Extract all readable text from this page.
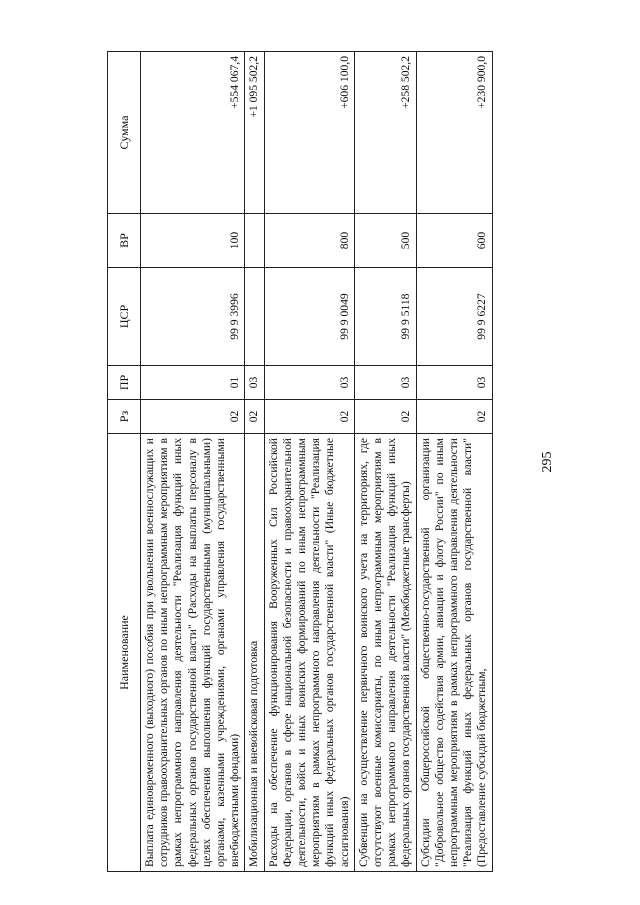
Наименование	Рз	ПР	ЦСР	ВР	Сумма
Выплата единовременного (выходного) пособия при увольнении военнослужащих и сотрудников правоохранительных органов по иным непрограммным мероприятиям в рамках непрограммного направления деятельности "Реализация функций иных федеральных органов государственной власти" (Расходы на выплаты персоналу в целях обеспечения выполнения функций государственными (муниципальными) органами, казенными учреждениями, органами управления государственными внебюджетными фондами)	02	01	99 9 3996	100	+554 067,4
Мобилизационная и вневойсковая подготовка	02	03			+1 095 502,2
Расходы на обеспечение функционирования Вооруженных Сил Российской Федерации, органов в сфере национальной безопасности и правоохранительной деятельности, войск и иных воинских формирований по иным непрограммным мероприятиям в рамках непрограммного направления деятельности "Реализация функций иных федеральных органов государственной власти" (Иные бюджетные ассигнования)	02	03	99 9 0049	800	+606 100,0
Субвенции на осуществление первичного воинского учета на территориях, где отсутствуют военные комиссариаты, по иным непрограммным мероприятиям в рамках непрограммного направления деятельности "Реализация функций иных федеральных органов государственной власти" (Межбюджетные трансферты)	02	03	99 9 5118	500	+258 502,2
Субсидии Общероссийской общественно-государственной организации "Добровольное общество содействия армии, авиации и флоту России" по иным непрограммным мероприятиям в рамках непрограммного направления деятельности "Реализация функций иных федеральных органов государственной власти" (Предоставление субсидий бюджетным,	02	03	99 9 6227	600	+230 900,0
295
